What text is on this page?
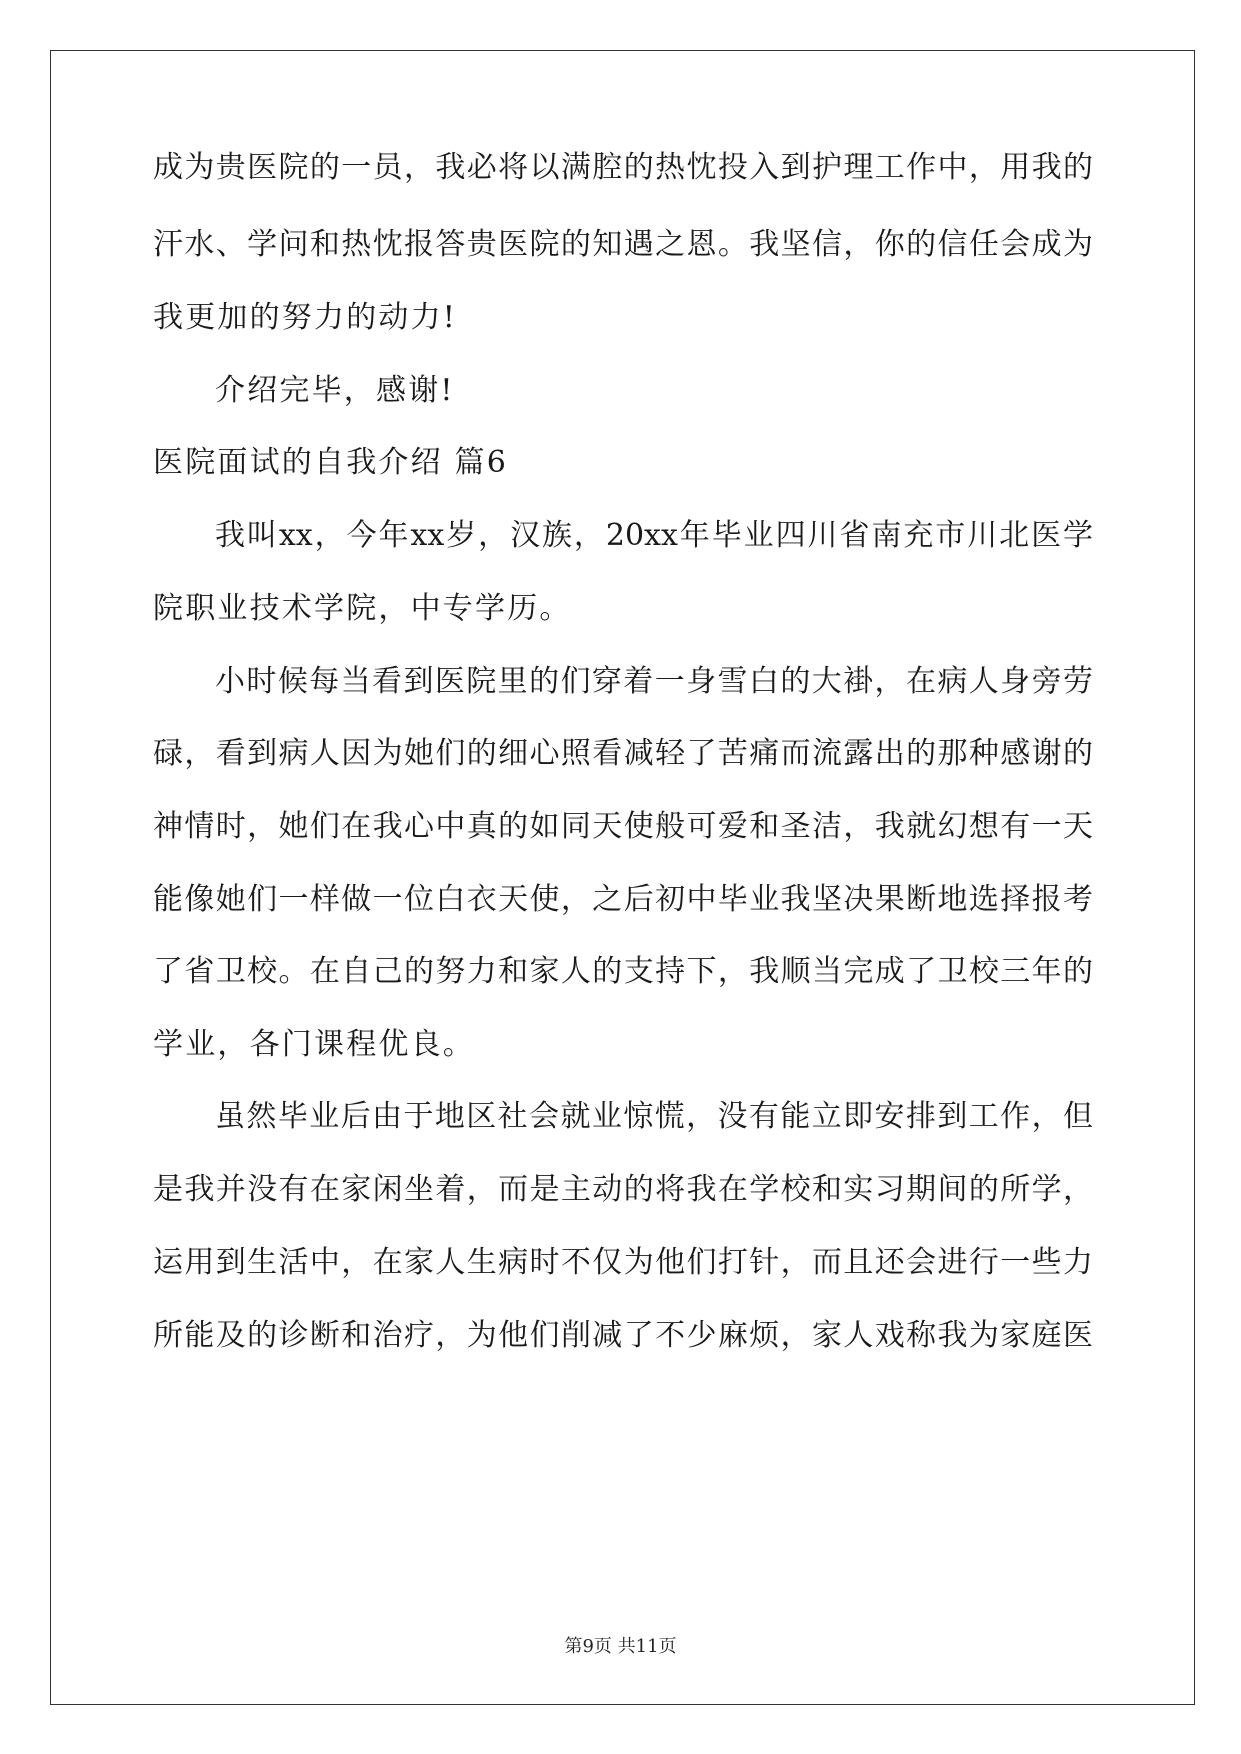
成为贵医院的一员，我必将以满腔的热忱投入到护理工作中，用我的
汗水、学问和热忱报答贵医院的知遇之恩。我坚信，你的信任会成为
我更加的努力的动力!
介绍完毕，感谢!
医院面试的自我介绍 篇6
我叫xx，今年xx岁，汉族，20xx年毕业四川省南充市川北医学
院职业技术学院，中专学历。
小时候每当看到医院里的们穿着一身雪白的大褂，在病人身旁劳
碌，看到病人因为她们的细心照看减轻了苦痛而流露出的那种感谢的
神情时，她们在我心中真的如同天使般可爱和圣洁，我就幻想有一天
能像她们一样做一位白衣天使，之后初中毕业我坚决果断地选择报考
了省卫校。在自己的努力和家人的支持下，我顺当完成了卫校三年的
学业，各门课程优良。
虽然毕业后由于地区社会就业惊慌，没有能立即安排到工作，但
是我并没有在家闲坐着，而是主动的将我在学校和实习期间的所学，
运用到生活中，在家人生病时不仅为他们打针，而且还会进行一些力
所能及的诊断和治疗，为他们削减了不少麻烦，家人戏称我为家庭医
第9页 共11页
